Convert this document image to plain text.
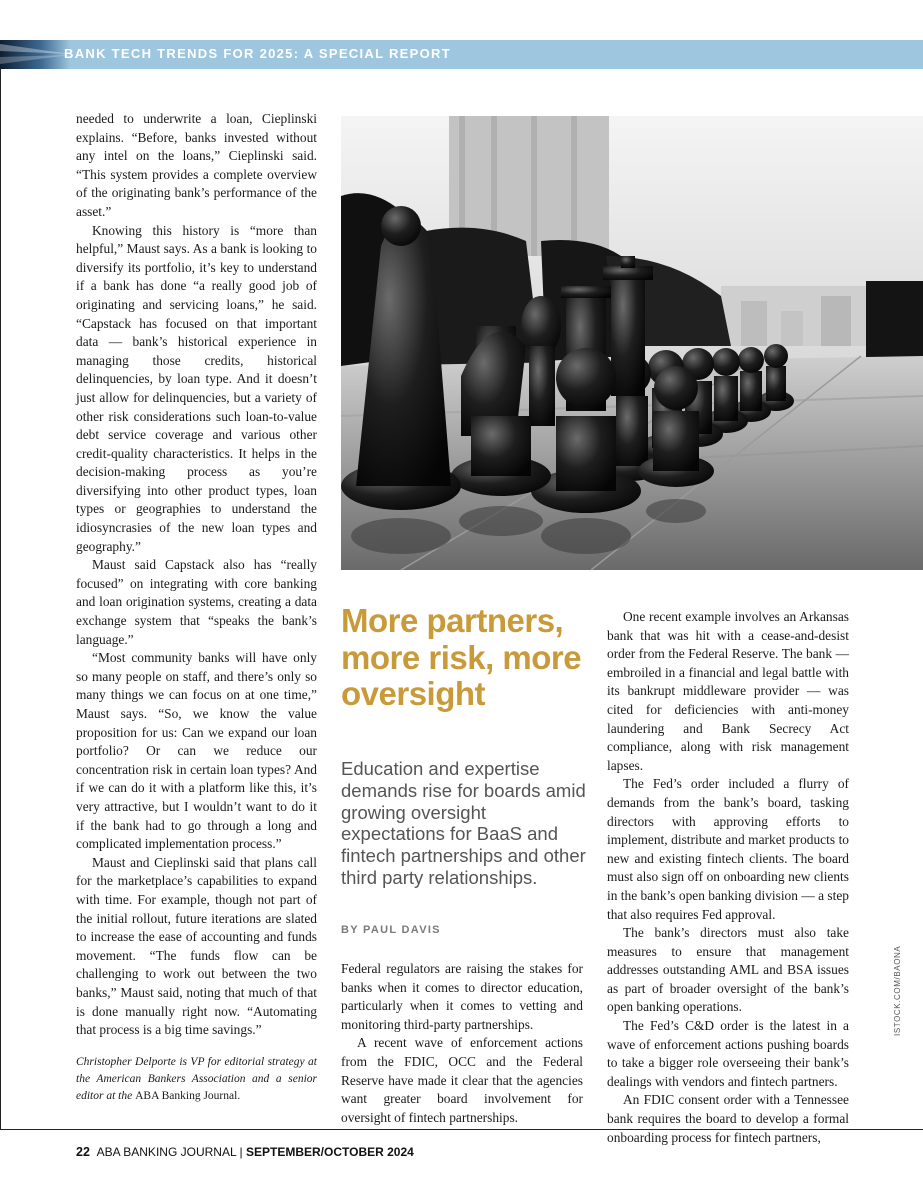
BANK TECH TRENDS FOR 2025: A SPECIAL REPORT

needed to underwrite a loan, Cieplinski explains. “Before, banks invested without any intel on the loans,” Cieplinski said. “This system provides a complete overview of the originating bank’s performance of the asset.”

Knowing this history is “more than helpful,” Maust says. As a bank is looking to diversify its portfolio, it’s key to understand if a bank has done “a really good job of originating and servicing loans,” he said. “Capstack has focused on that important data — bank’s historical experience in managing those credits, historical delinquencies, by loan type. And it doesn’t just allow for delinquencies, but a variety of other risk considerations such loan-to-value debt service coverage and various other credit-quality characteristics. It helps in the decision-making process as you’re diversifying into other product types, loan types or geographies to understand the idiosyncrasies of the new loan types and geography.”

Maust said Capstack also has “really focused” on integrating with core banking and loan origination systems, creating a data exchange system that “speaks the bank’s language.”

“Most community banks will have only so many people on staff, and there’s only so many things we can focus on at one time,” Maust says. “So, we know the value proposition for us: Can we expand our loan portfolio? Or can we reduce our concentration risk in certain loan types? And if we can do it with a platform like this, it’s very attractive, but I wouldn’t want to do it if the bank had to go through a long and complicated implementation process.”

Maust and Cieplinski said that plans call for the marketplace’s capabilities to expand with time. For example, though not part of the initial rollout, future iterations are slated to increase the ease of accounting and funds movement. “The funds flow can be challenging to work out between the two banks,” Maust said, noting that much of that is done manually right now. “Automating that process is a big time savings.”

Christopher Delporte is VP for editorial strategy at the American Bankers Association and a senior editor at the ABA Banking Journal.

More partners, more risk, more oversight
Education and expertise demands rise for boards amid growing oversight expectations for BaaS and fintech partnerships and other third party relationships.
BY PAUL DAVIS

Federal regulators are raising the stakes for banks when it comes to director education, particularly when it comes to vetting and monitoring third-party partnerships.

A recent wave of enforcement actions from the FDIC, OCC and the Federal Reserve have made it clear that the agencies want greater board involvement for oversight of fintech partnerships.

One recent example involves an Arkansas bank that was hit with a cease-and-desist order from the Federal Reserve. The bank — embroiled in a financial and legal battle with its bankrupt middleware provider — was cited for deficiencies with anti-money laundering and Bank Secrecy Act compliance, along with risk management lapses.

The Fed’s order included a flurry of demands from the bank’s board, tasking directors with approving efforts to implement, distribute and market products to new and existing fintech clients. The board must also sign off on onboarding new clients in the bank’s open banking division — a step that also requires Fed approval.

The bank’s directors must also take measures to ensure that management addresses outstanding AML and BSA issues as part of broader oversight of the bank’s open banking operations.

The Fed’s C&D order is the latest in a wave of enforcement actions pushing boards to take a bigger role overseeing their bank’s dealings with vendors and fintech partners.

An FDIC consent order with a Tennessee bank requires the board to develop a formal onboarding process for fintech partners,

ISTOCK.COM/BAONA
22 ABA BANKING JOURNAL | SEPTEMBER/OCTOBER 2024
